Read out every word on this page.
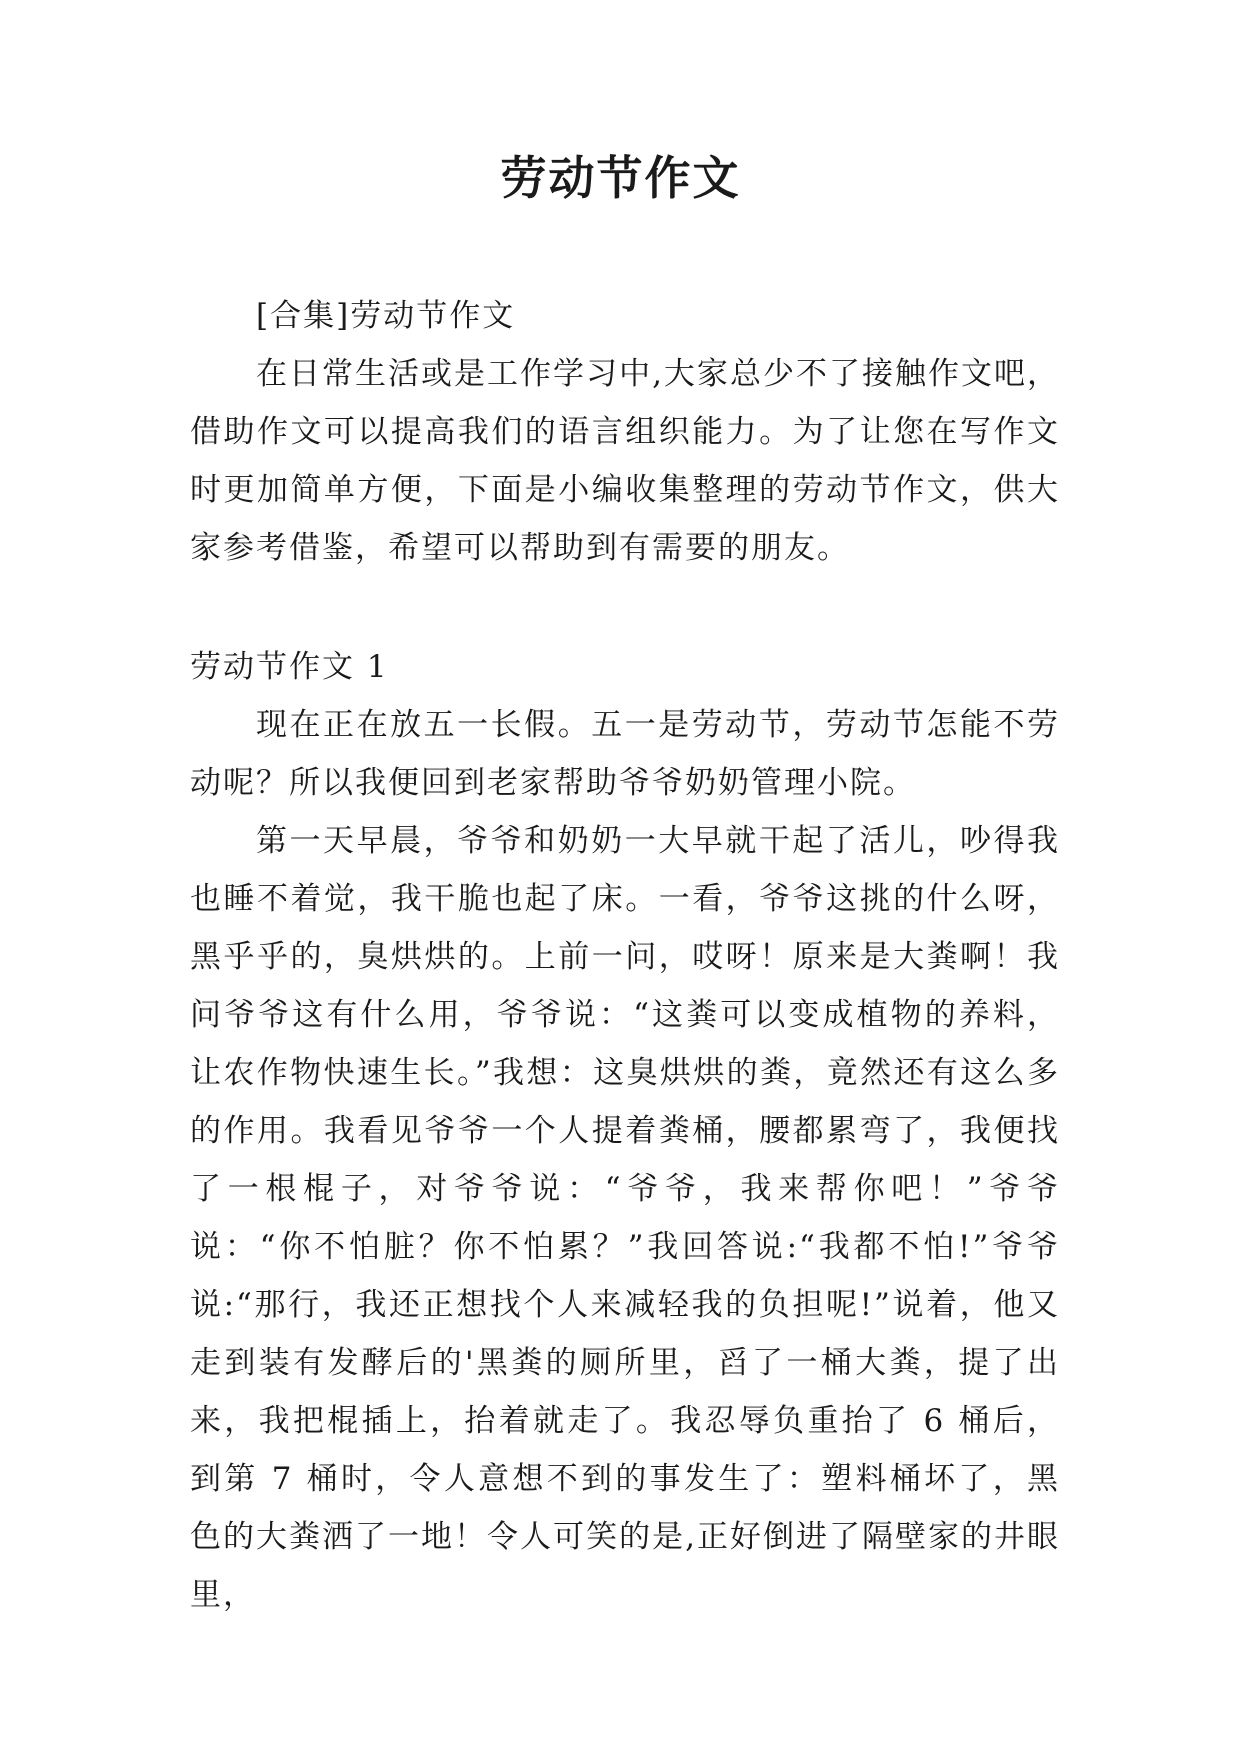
劳动节作文

[合集]劳动节作文

在日常生活或是工作学习中,大家总少不了接触作文吧，借助作文可以提高我们的语言组织能力。为了让您在写作文时更加简单方便，下面是小编收集整理的劳动节作文，供大家参考借鉴，希望可以帮助到有需要的朋友。

劳动节作文 1

现在正在放五一长假。五一是劳动节，劳动节怎能不劳动呢？所以我便回到老家帮助爷爷奶奶管理小院。

第一天早晨，爷爷和奶奶一大早就干起了活儿，吵得我也睡不着觉，我干脆也起了床。一看，爷爷这挑的什么呀，黑乎乎的，臭烘烘的。上前一问，哎呀！原来是大粪啊！我问爷爷这有什么用，爷爷说：“这粪可以变成植物的养料，让农作物快速生长。”我想：这臭烘烘的粪，竟然还有这么多的作用。我看见爷爷一个人提着粪桶，腰都累弯了，我便找了一根棍子，对爷爷说：“爷爷，我来帮你吧！”爷爷说：“你不怕脏？你不怕累？”我回答说:“我都不怕!”爷爷说:“那行，我还正想找个人来减轻我的负担呢!”说着，他又走到装有发酵后的'黑粪的厕所里，舀了一桶大粪，提了出来，我把棍插上，抬着就走了。我忍辱负重抬了 6 桶后，到第 7 桶时，令人意想不到的事发生了：塑料桶坏了，黑色的大粪洒了一地！令人可笑的是,正好倒进了隔壁家的井眼里，
